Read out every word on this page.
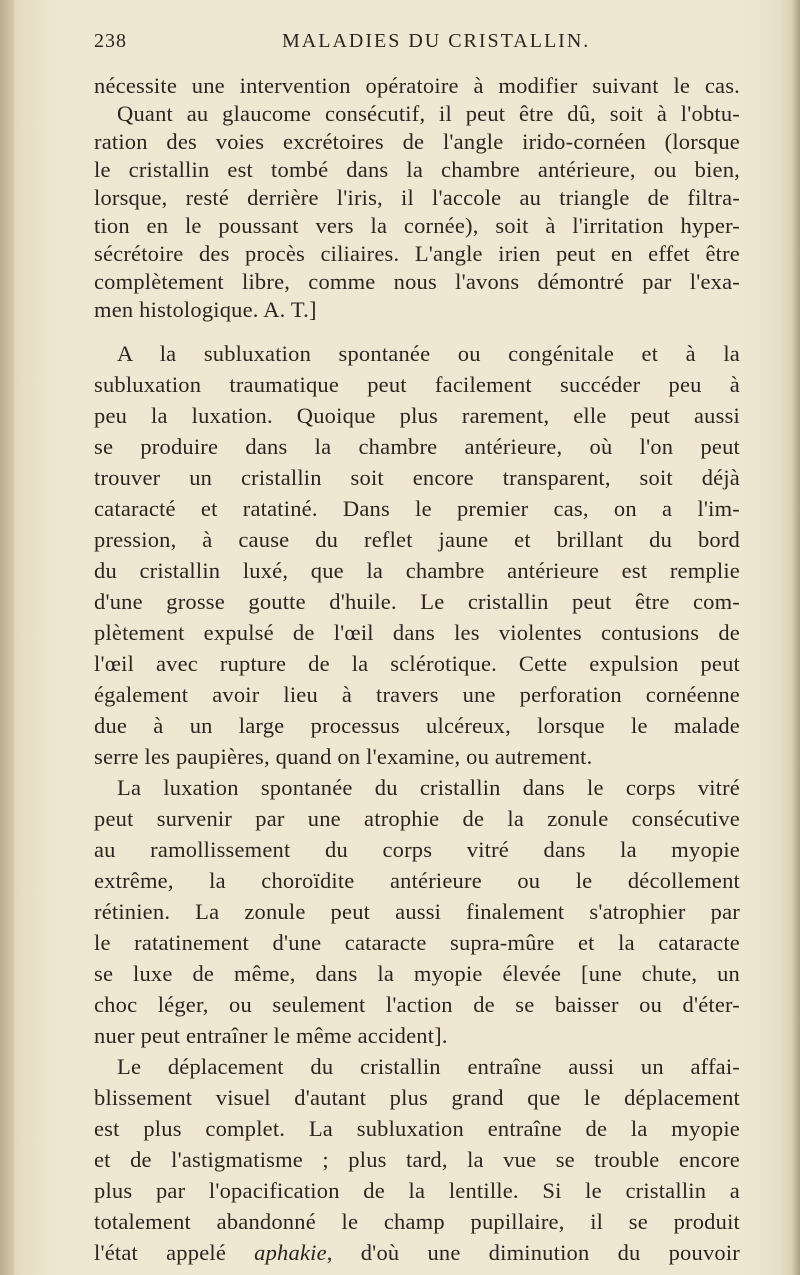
238	MALADIES DU CRISTALLIN.
nécessite une intervention opératoire à modifier suivant le cas.
Quant au glaucome consécutif, il peut être dû, soit à l'obtu-
ration des voies excrétoires de l'angle irido-cornéen (lorsque
le cristallin est tombé dans la chambre antérieure, ou bien,
lorsque, resté derrière l'iris, il l'accole au triangle de filtra-
tion en le poussant vers la cornée), soit à l'irritation hyper-
sécrétoire des procès ciliaires. L'angle irien peut en effet être
complètement libre, comme nous l'avons démontré par l'exa-
men histologique. A. T.]
A la subluxation spontanée ou congénitale et à la
subluxation traumatique peut facilement succéder peu à
peu la luxation. Quoique plus rarement, elle peut aussi
se produire dans la chambre antérieure, où l'on peut
trouver un cristallin soit encore transparent, soit déjà
cataracté et ratatiné. Dans le premier cas, on a l'im-
pression, à cause du reflet jaune et brillant du bord
du cristallin luxé, que la chambre antérieure est remplie
d'une grosse goutte d'huile. Le cristallin peut être com-
plètement expulsé de l'œil dans les violentes contusions de
l'œil avec rupture de la sclérotique. Cette expulsion peut
également avoir lieu à travers une perforation cornéenne
due à un large processus ulcéreux, lorsque le malade
serre les paupières, quand on l'examine, ou autrement.
La luxation spontanée du cristallin dans le corps vitré
peut survenir par une atrophie de la zonule consécutive
au ramollissement du corps vitré dans la myopie
extrême, la choroïdite antérieure ou le décollement
rétinien. La zonule peut aussi finalement s'atrophier par
le ratatinement d'une cataracte supra-mûre et la cataracte
se luxe de même, dans la myopie élevée [une chute, un
choc léger, ou seulement l'action de se baisser ou d'éter-
nuer peut entraîner le même accident].
Le déplacement du cristallin entraîne aussi un affai-
blissement visuel d'autant plus grand que le déplacement
est plus complet. La subluxation entraîne de la myopie
et de l'astigmatisme ; plus tard, la vue se trouble encore
plus par l'opacification de la lentille. Si le cristallin a
totalement abandonné le champ pupillaire, il se produit
l'état appelé aphakie, d'où une diminution du pouvoir
